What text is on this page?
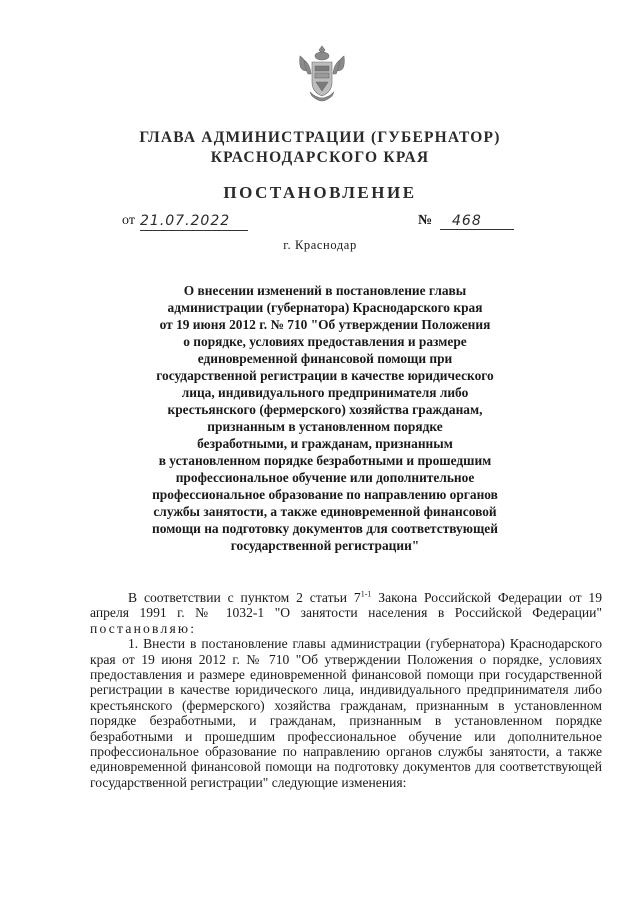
ГЛАВА АДМИНИСТРАЦИИ (ГУБЕРНАТОР)
КРАСНОДАРСКОГО КРАЯ
ПОСТАНОВЛЕНИЕ
от 21.07.2022	№	468
г. Краснодар
О внесении изменений в постановление главы
администрации (губернатора) Краснодарского края
от 19 июня 2012 г. № 710 "Об утверждении Положения
о порядке, условиях предоставления и размере
единовременной финансовой помощи при
государственной регистрации в качестве юридического
лица, индивидуального предпринимателя либо
крестьянского (фермерского) хозяйства гражданам,
признанным в установленном порядке
безработными, и гражданам, признанным
в установленном порядке безработными и прошедшим
профессиональное обучение или дополнительное
профессиональное образование по направлению органов
службы занятости, а также единовременной финансовой
помощи на подготовку документов для соответствующей
государственной регистрации"

В соответствии с пунктом 2 статьи 7$^{1-1}$ Закона Российской Федерации от 19 апреля 1991 г. № 1032-1 "О занятости населения в Российской Федерации" постановляю:

1. Внести в постановление главы администрации (губернатора) Краснодарского края от 19 июня 2012 г. № 710 "Об утверждении Положения о порядке, условиях предоставления и размере единовременной финансовой помощи при государственной регистрации в качестве юридического лица, индивидуального предпринимателя либо крестьянского (фермерского) хозяйства гражданам, признанным в установленном порядке безработными, и гражданам, признанным в установленном порядке безработными и прошедшим профессиональное обучение или дополнительное профессиональное образование по направлению органов службы занятости, а также единовременной финансовой помощи на подготовку документов для соответствующей государственной регистрации" следующие изменения:
